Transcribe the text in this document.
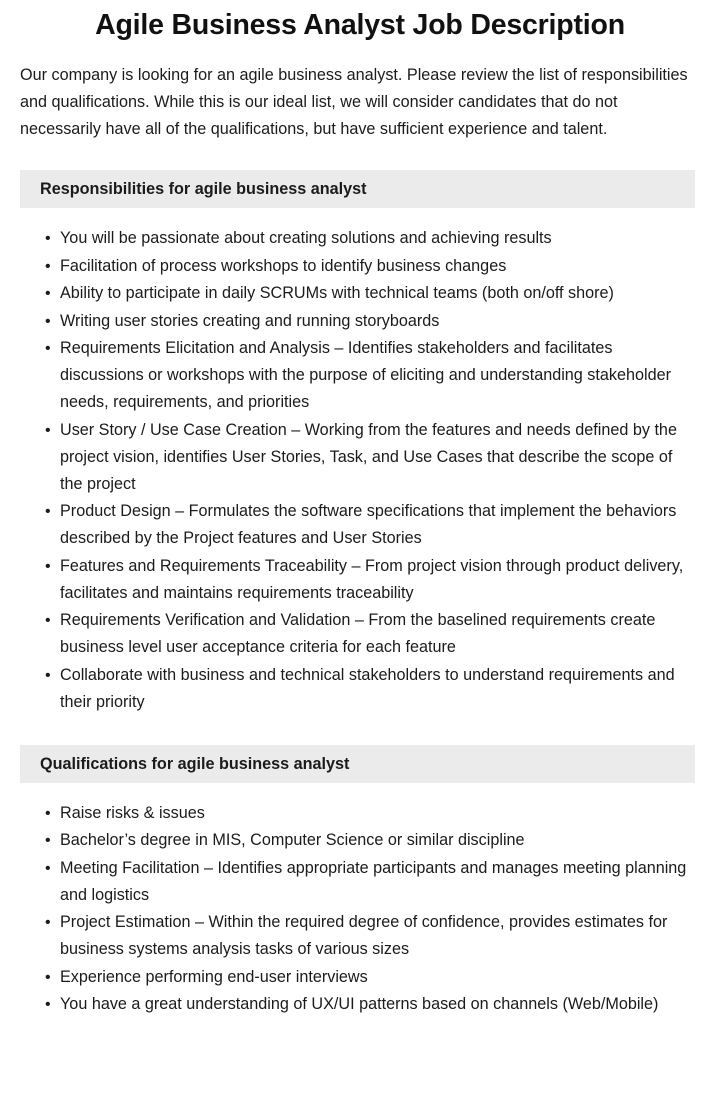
Agile Business Analyst Job Description

Our company is looking for an agile business analyst. Please review the list of responsibilities and qualifications. While this is our ideal list, we will consider candidates that do not necessarily have all of the qualifications, but have sufficient experience and talent.

Responsibilities for agile business analyst
• You will be passionate about creating solutions and achieving results
• Facilitation of process workshops to identify business changes
• Ability to participate in daily SCRUMs with technical teams (both on/off shore)
• Writing user stories creating and running storyboards
• Requirements Elicitation and Analysis – Identifies stakeholders and facilitates discussions or workshops with the purpose of eliciting and understanding stakeholder needs, requirements, and priorities
• User Story / Use Case Creation – Working from the features and needs defined by the project vision, identifies User Stories, Task, and Use Cases that describe the scope of the project
• Product Design – Formulates the software specifications that implement the behaviors described by the Project features and User Stories
• Features and Requirements Traceability – From project vision through product delivery, facilitates and maintains requirements traceability
• Requirements Verification and Validation – From the baselined requirements create business level user acceptance criteria for each feature
• Collaborate with business and technical stakeholders to understand requirements and their priority
Qualifications for agile business analyst
• Raise risks & issues
• Bachelor’s degree in MIS, Computer Science or similar discipline
• Meeting Facilitation – Identifies appropriate participants and manages meeting planning and logistics
• Project Estimation – Within the required degree of confidence, provides estimates for business systems analysis tasks of various sizes
• Experience performing end-user interviews
• You have a great understanding of UX/UI patterns based on channels (Web/Mobile)
